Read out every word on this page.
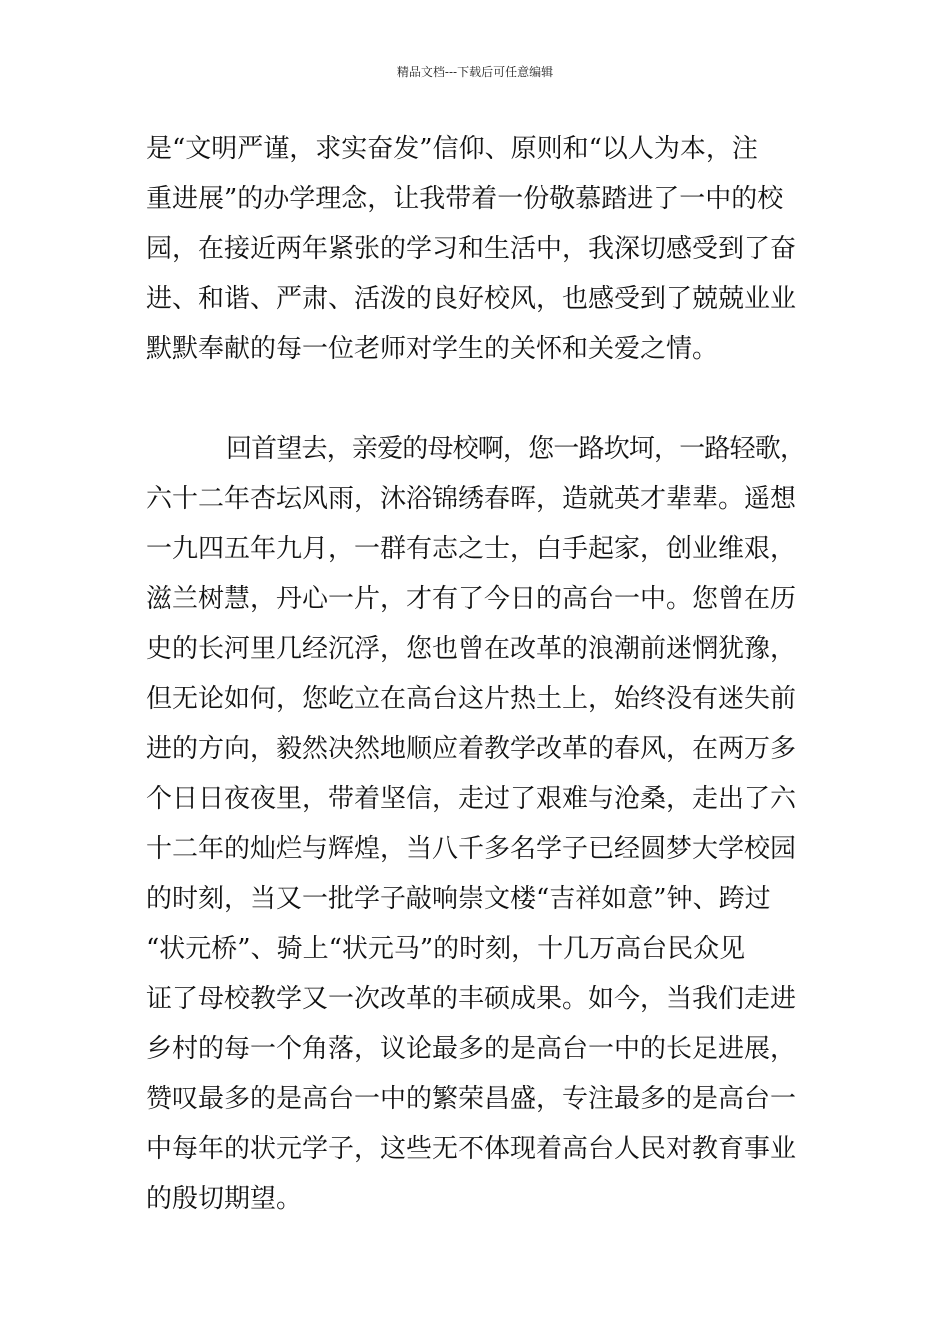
精品文档---下载后可任意编辑
是“文明严谨，求实奋发”信仰、原则和“以人为本，注
重进展”的办学理念，让我带着一份敬慕踏进了一中的校
园，在接近两年紧张的学习和生活中，我深切感受到了奋
进、和谐、严肃、活泼的良好校风，也感受到了兢兢业业
默默奉献的每一位老师对学生的关怀和关爱之情。
回首望去，亲爱的母校啊，您一路坎坷，一路轻歌，
六十二年杏坛风雨，沐浴锦绣春晖，造就英才辈辈。遥想
一九四五年九月，一群有志之士，白手起家，创业维艰，
滋兰树慧，丹心一片，才有了今日的高台一中。您曾在历
史的长河里几经沉浮，您也曾在改革的浪潮前迷惘犹豫，
但无论如何，您屹立在高台这片热土上，始终没有迷失前
进的方向，毅然决然地顺应着教学改革的春风，在两万多
个日日夜夜里，带着坚信，走过了艰难与沧桑，走出了六
十二年的灿烂与辉煌，当八千多名学子已经圆梦大学校园
的时刻，当又一批学子敲响崇文楼“吉祥如意”钟、跨过
“状元桥”、骑上“状元马”的时刻，十几万高台民众见
证了母校教学又一次改革的丰硕成果。如今，当我们走进
乡村的每一个角落，议论最多的是高台一中的长足进展，
赞叹最多的是高台一中的繁荣昌盛，专注最多的是高台一
中每年的状元学子，这些无不体现着高台人民对教育事业
的殷切期望。
